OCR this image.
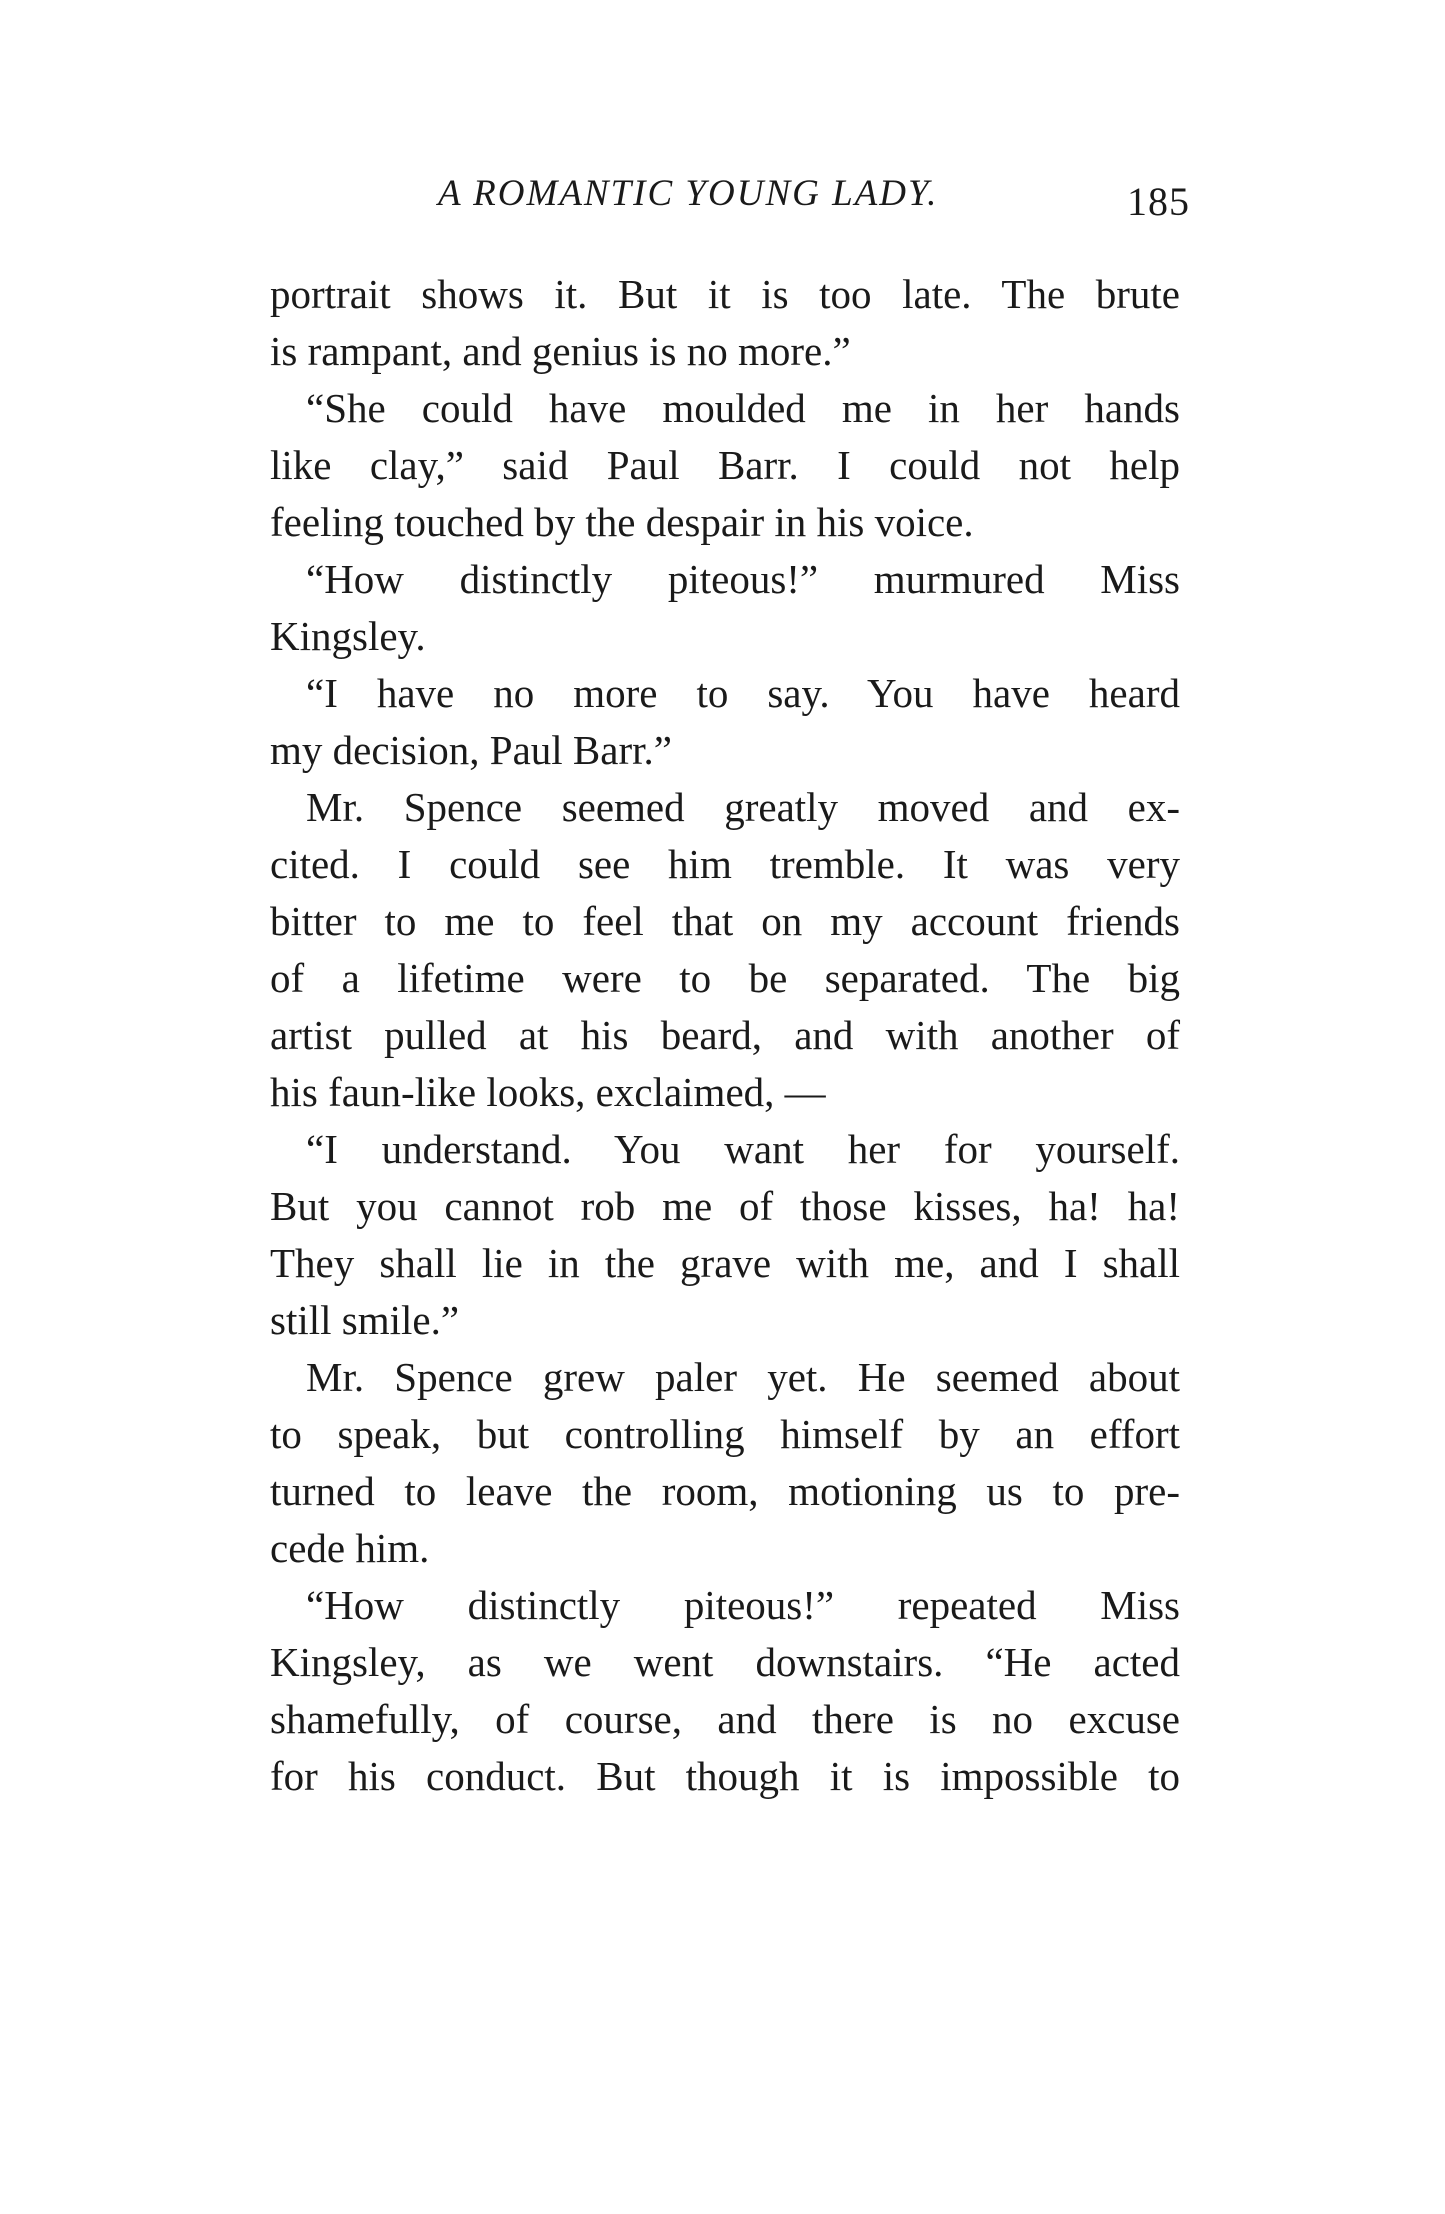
A ROMANTIC YOUNG LADY.	185
portrait shows it. But it is too late. The brute
is rampant, and genius is no more.”
“She could have moulded me in her hands
like clay,” said Paul Barr. I could not help
feeling touched by the despair in his voice.
“How distinctly piteous!” murmured Miss
Kingsley.
“I have no more to say. You have heard
my decision, Paul Barr.”
Mr. Spence seemed greatly moved and ex-
cited. I could see him tremble. It was very
bitter to me to feel that on my account friends
of a lifetime were to be separated. The big
artist pulled at his beard, and with another of
his faun-like looks, exclaimed, —
“I understand. You want her for yourself.
But you cannot rob me of those kisses, ha! ha!
They shall lie in the grave with me, and I shall
still smile.”
Mr. Spence grew paler yet. He seemed about
to speak, but controlling himself by an effort
turned to leave the room, motioning us to pre-
cede him.
“How distinctly piteous!” repeated Miss
Kingsley, as we went downstairs. “He acted
shamefully, of course, and there is no excuse
for his conduct. But though it is impossible to
